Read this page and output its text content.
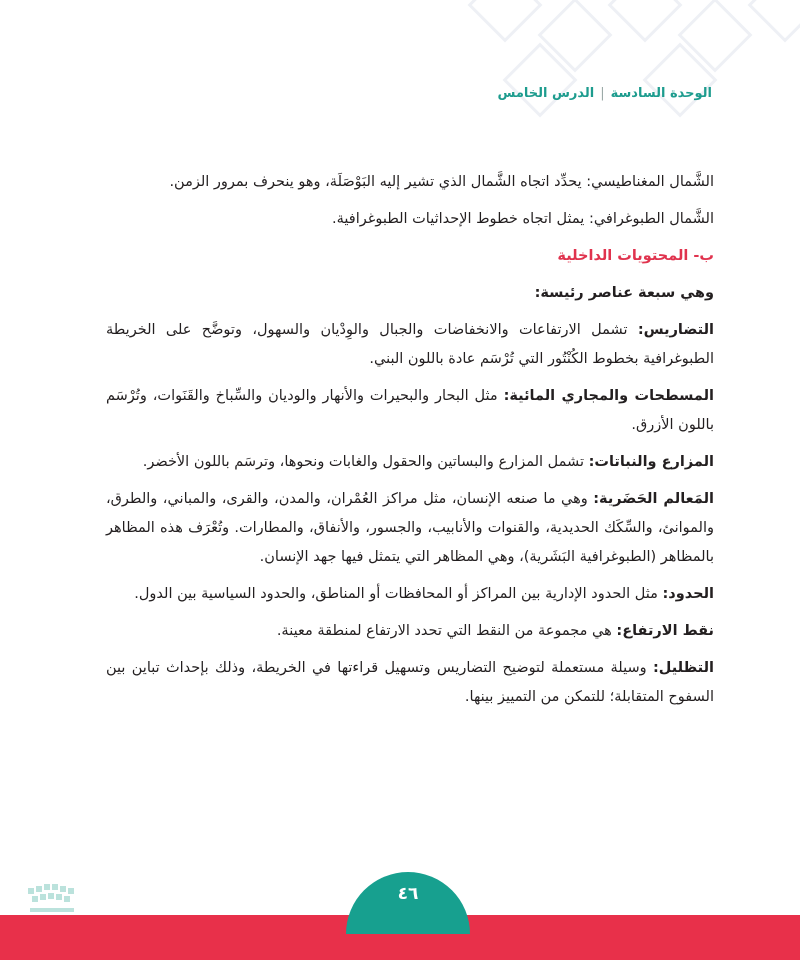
الوحدة السادسة|الدرس الخامس

الشَّمال المغناطيسي: يحدِّد اتجاه الشَّمال الذي تشير إليه البَوْصَلَة، وهو ينحرف بمرور الزمن.

الشَّمال الطبوغرافي: يمثل اتجاه خطوط الإحداثيات الطبوغرافية.

ب- المحتويات الداخلية

وهي سبعة عناصر رئيسة:

التضاريس: تشمل الارتفاعات والانخفاضات والجبال والوِدْيان والسهول، وتوضَّح على الخريطة الطبوغرافية بخطوط الكُنْتُور التي تُرْسَم عادة باللون البني.

المسطحات والمجاري المائية: مثل البحار والبحيرات والأنهار والوديان والسِّباخ والقَنَوات، وتُرْسَم باللون الأزرق.

المزارع والنباتات: تشمل المزارع والبساتين والحقول والغابات ونحوها، وترسَم باللون الأخضر.

المَعالم الحَضَرية: وهي ما صنعه الإنسان، مثل مراكز العُمْران، والمدن، والقرى، والمباني، والطرق، والموانئ، والسِّكَك الحديدية، والقنوات والأنابيب، والجسور، والأنفاق، والمطارات. وتُعْرَف هذه المظاهر بالمظاهر (الطبوغرافية البَشَرية)، وهي المظاهر التي يتمثل فيها جهد الإنسان.

الحدود: مثل الحدود الإدارية بين المراكز أو المحافظات أو المناطق، والحدود السياسية بين الدول.

نقط الارتفاع: هي مجموعة من النقط التي تحدد الارتفاع لمنطقة معينة.

التظليل: وسيلة مستعملة لتوضيح التضاريس وتسهيل قراءتها في الخريطة، وذلك بإحداث تباين بين السفوح المتقابلة؛ للتمكن من التمييز بينها.

٤٦
